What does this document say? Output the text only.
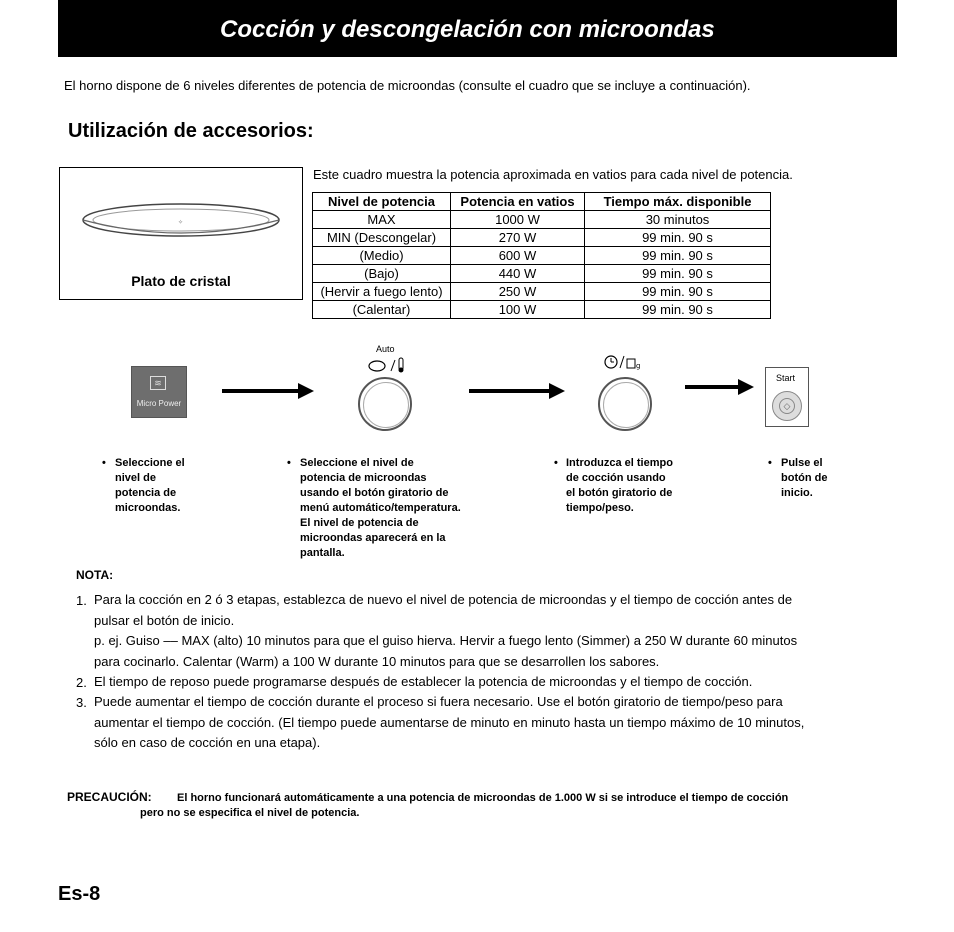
Cocción y descongelación con microondas
El horno dispone de 6 niveles diferentes de potencia de microondas (consulte el cuadro que se incluye a continuación).
Utilización de accesorios:
✧
Plato de cristal
Este cuadro muestra la potencia aproximada en vatios para cada nivel de potencia.
Nivel de potencia	Potencia en vatios	Tiempo máx. disponible
MAX	1000 W	30 minutos
MIN (Descongelar)	270 W	99 min. 90 s
(Medio)	600 W	99 min. 90 s
(Bajo)	440 W	99 min. 90 s
(Hervir a fuego lento)	250 W	99 min. 90 s
(Calentar)	100 W	99 min. 90 s
≋
Micro Power
Auto
g
Start
◇
• Seleccione el
nivel de
potencia de
microondas.
• Seleccione el nivel de
potencia de microondas
usando el botón giratorio de
menú automático/temperatura.
El nivel de potencia de
microondas aparecerá en la
pantalla.
• Introduzca el tiempo
de cocción usando
el botón giratorio de
tiempo/peso.
• Pulse el
botón de
inicio.
NOTA:
1. Para la cocción en 2 ó 3 etapas, establezca de nuevo el nivel de potencia de microondas y el tiempo de cocción antes de
pulsar el botón de inicio.
p. ej. Guiso –– MAX (alto) 10 minutos para que el guiso hierva. Hervir a fuego lento (Simmer) a 250 W durante 60 minutos
para cocinarlo. Calentar (Warm) a 100 W durante 10 minutos para que se desarrollen los sabores.
2. El tiempo de reposo puede programarse después de establecer la potencia de microondas y el tiempo de cocción.
3. Puede aumentar el tiempo de cocción durante el proceso si fuera necesario. Use el botón giratorio de tiempo/peso para
aumentar el tiempo de cocción. (El tiempo puede aumentarse de minuto en minuto hasta un tiempo máximo de 10 minutos,
sólo en caso de cocción en una etapa).
PRECAUCIÓN: El horno funcionará automáticamente a una potencia de microondas de 1.000 W si se introduce el tiempo de cocción
pero no se especifica el nivel de potencia.
Es-8
